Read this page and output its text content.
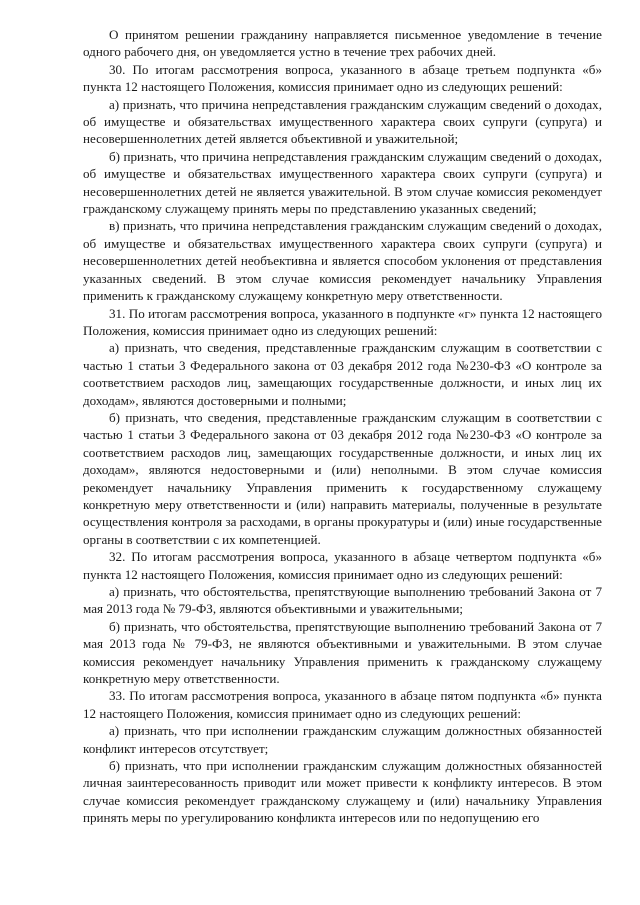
О принятом решении гражданину направляется письменное уведомление в течение одного рабочего дня, он уведомляется устно в течение трех рабочих дней.

30. По итогам рассмотрения вопроса, указанного в абзаце третьем подпункта «б» пункта 12 настоящего Положения, комиссия принимает одно из следующих решений:

а) признать, что причина непредставления гражданским служащим сведений о доходах, об имуществе и обязательствах имущественного характера своих супруги (супруга) и несовершеннолетних детей является объективной и уважительной;

б) признать, что причина непредставления гражданским служащим сведений о доходах, об имуществе и обязательствах имущественного характера своих супруги (супруга) и несовершеннолетних детей не является уважительной. В этом случае комиссия рекомендует гражданскому служащему принять меры по представлению указанных сведений;

в) признать, что причина непредставления гражданским служащим сведений о доходах, об имуществе и обязательствах имущественного характера своих супруги (супруга) и несовершеннолетних детей необъективна и является способом уклонения от представления указанных сведений. В этом случае комиссия рекомендует начальнику Управления применить к гражданскому служащему конкретную меру ответственности.

31. По итогам рассмотрения вопроса, указанного в подпункте «г» пункта 12 настоящего Положения, комиссия принимает одно из следующих решений:

а) признать, что сведения, представленные гражданским служащим в соответствии с частью 1 статьи 3 Федерального закона от 03 декабря 2012 года №230-ФЗ «О контроле за соответствием расходов лиц, замещающих государственные должности, и иных лиц их доходам», являются достоверными и полными;

б) признать, что сведения, представленные гражданским служащим в соответствии с частью 1 статьи 3 Федерального закона от 03 декабря 2012 года №230-ФЗ «О контроле за соответствием расходов лиц, замещающих государственные должности, и иных лиц их доходам», являются недостоверными и (или) неполными. В этом случае комиссия рекомендует начальнику Управления применить к государственному служащему конкретную меру ответственности и (или) направить материалы, полученные в результате осуществления контроля за расходами, в органы прокуратуры и (или) иные государственные органы в соответствии с их компетенцией.

32. По итогам рассмотрения вопроса, указанного в абзаце четвертом подпункта «б» пункта 12 настоящего Положения, комиссия принимает одно из следующих решений:

а) признать, что обстоятельства, препятствующие выполнению требований Закона от 7 мая 2013 года № 79-ФЗ, являются объективными и уважительными;

б) признать, что обстоятельства, препятствующие выполнению требований Закона от 7 мая 2013 года № 79-ФЗ, не являются объективными и уважительными. В этом случае комиссия рекомендует начальнику Управления применить к гражданскому служащему конкретную меру ответственности.

33. По итогам рассмотрения вопроса, указанного в абзаце пятом подпункта «б» пункта 12 настоящего Положения, комиссия принимает одно из следующих решений:

а) признать, что при исполнении гражданским служащим должностных обязанностей конфликт интересов отсутствует;

б) признать, что при исполнении гражданским служащим должностных обязанностей личная заинтересованность приводит или может привести к конфликту интересов. В этом случае комиссия рекомендует гражданскому служащему и (или) начальнику Управления принять меры по урегулированию конфликта интересов или по недопущению его
